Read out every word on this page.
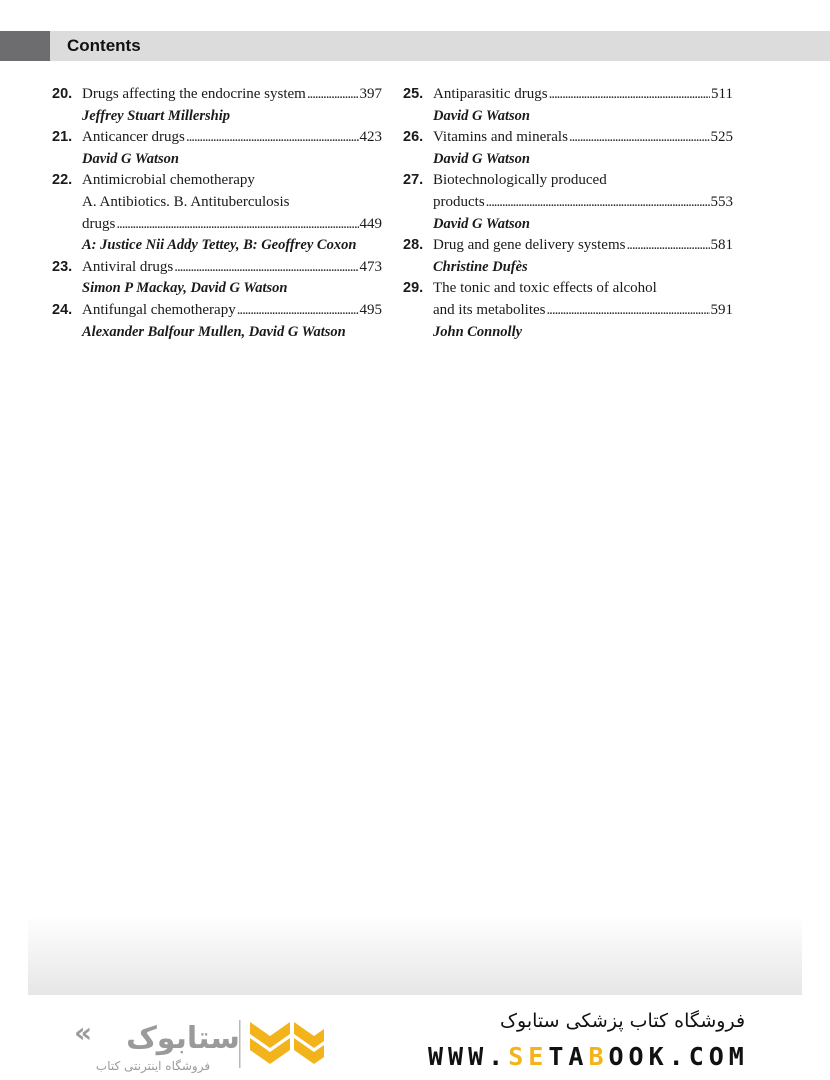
Contents
20. Drugs affecting the endocrine system . . .	397
Jeffrey Stuart Millership
21. Anticancer drugs . . .	423
David G Watson
22. Antimicrobial chemotherapy
A. Antibiotics. B. Antituberculosis
drugs . . .	449
A: Justice Nii Addy Tettey, B: Geoffrey Coxon
23. Antiviral drugs . . .	473
Simon P Mackay, David G Watson
24. Antifungal chemotherapy . . .	495
Alexander Balfour Mullen, David G Watson
25. Antiparasitic drugs . . .	511
David G Watson
26. Vitamins and minerals . . .	525
David G Watson
27. Biotechnologically produced
products . . .	553
David G Watson
28. Drug and gene delivery systems . . .	581
Christine Dufès
29. The tonic and toxic effects of alcohol
and its metabolites . . .	591
John Connolly
ستابوک
«
فروشگاه اینترنتی کتاب
فروشگاه کتاب پزشکی ستابوک
WWW.SETABOOK.COM
